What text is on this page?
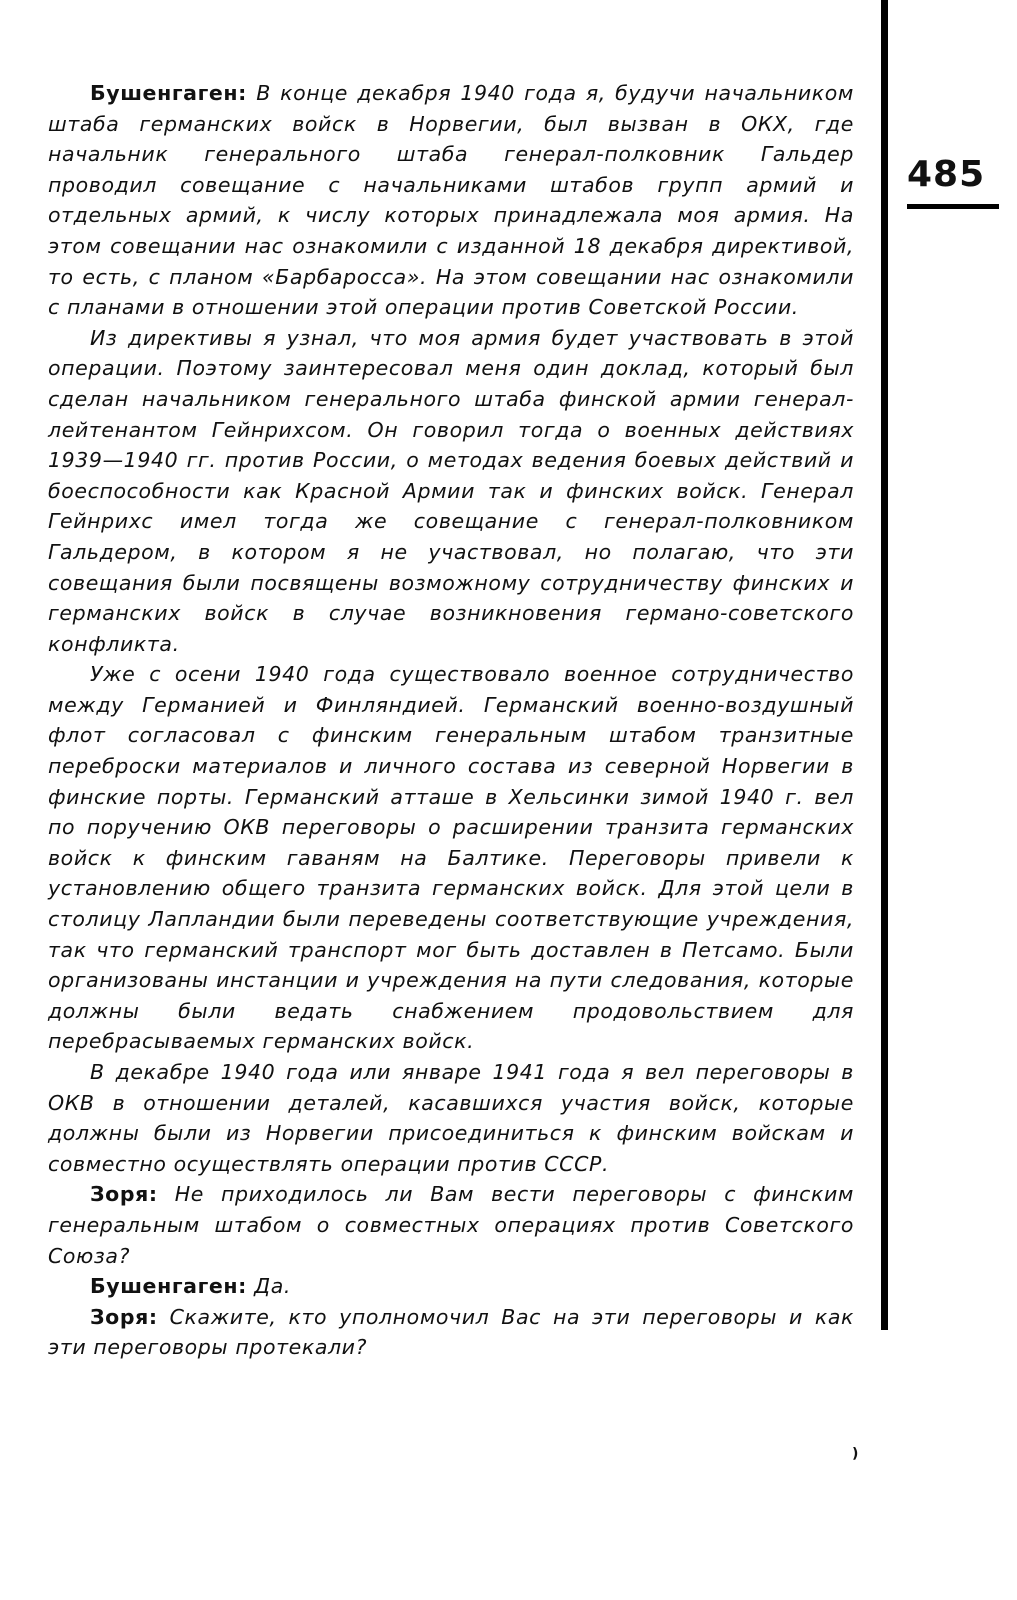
485

Бушенгаген: В конце декабря 1940 года я, будучи начальником штаба германских войск в Норвегии, был вызван в ОКХ, где начальник генерального штаба генерал-полковник Гальдер проводил совещание с начальниками штабов групп армий и отдельных армий, к числу которых принадлежала моя армия. На этом совещании нас ознакомили с изданной 18 декабря директивой, то есть, с планом «Барбаросса». На этом совещании нас ознакомили с планами в отношении этой операции против Советской России.

Из директивы я узнал, что моя армия будет участвовать в этой операции. Поэтому заинтересовал меня один доклад, который был сделан начальником генерального штаба финской армии генерал-лейтенантом Гейнрихсом. Он говорил тогда о военных действиях 1939—1940 гг. против России, о методах ведения боевых действий и боеспособности как Красной Армии так и финских войск. Генерал Гейнрихс имел тогда же совещание с генерал-полковником Гальдером, в котором я не участвовал, но полагаю, что эти совещания были посвящены возможному сотрудничеству финских и германских войск в случае возникновения германо-советского конфликта.

Уже с осени 1940 года существовало военное сотрудничество между Германией и Финляндией. Германский военно-воздушный флот согласовал с финским генеральным штабом транзитные переброски материалов и личного состава из северной Норвегии в финские порты. Германский атташе в Хельсинки зимой 1940 г. вел по поручению ОКВ переговоры о расширении транзита германских войск к финским гаваням на Балтике. Переговоры привели к установлению общего транзита германских войск. Для этой цели в столицу Лапландии были переведены соответствующие учреждения, так что германский транспорт мог быть доставлен в Петсамо. Были организованы инстанции и учреждения на пути следования, которые должны были ведать снабжением продовольствием для перебрасываемых германских войск.

В декабре 1940 года или январе 1941 года я вел переговоры в ОКВ в отношении деталей, касавшихся участия войск, которые должны были из Норвегии присоединиться к финским войскам и совместно осуществлять операции против СССР.

Зоря: Не приходилось ли Вам вести переговоры с финским генеральным штабом о совместных операциях против Советского Союза?

Бушенгаген: Да.

Зоря: Скажите, кто уполномочил Вас на эти переговоры и как эти переговоры протекали?

)
